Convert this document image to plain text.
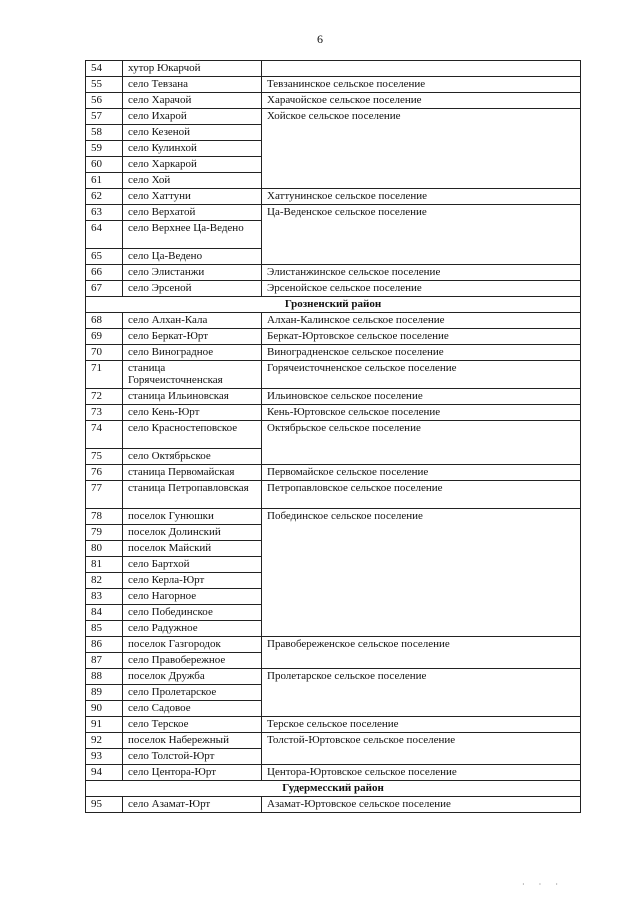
6
54	хутор Юкарчой	
55	село Тевзана	Тевзанинское сельское поселение
56	село Харачой	Харачойское сельское поселение
57	село Ихарой	Хойское сельское поселение
58	село Кезеной	
59	село Кулинхой	
60	село Харкарой	
61	село Хой	
62	село Хаттуни	Хаттунинское сельское поселение
63	село Верхатой	Ца-Веденское сельское поселение
64	село Верхнее Ца-Ведено	
65	село Ца-Ведено	
66	село Элистанжи	Элистанжинское сельское поселение
67	село Эрсеной	Эрсенойское сельское поселение
Грозненский район		
68	село Алхан-Кала	Алхан-Калинское сельское поселение
69	село Беркат-Юрт	Беркат-Юртовское сельское поселение
70	село Виноградное	Виноградненское сельское поселение
71	станица Горячеисточненская	Горячеисточненское сельское поселение
72	станица Ильиновская	Ильиновское сельское поселение
73	село Кень-Юрт	Кень-Юртовское сельское поселение
74	село Красностеповское	Октябрьское сельское поселение
75	село Октябрьское	
76	станица Первомайская	Первомайское сельское поселение
77	станица Петропавловская	Петропавловское сельское поселение
78	поселок Гунюшки	Побединское сельское поселение
79	поселок Долинский	
80	поселок Майский	
81	село Бартхой	
82	село Керла-Юрт	
83	село Нагорное	
84	село Побединское	
85	село Радужное	
86	поселок Газгородок	Правобереженское сельское поселение
87	село Правобережное	
88	поселок Дружба	Пролетарское сельское поселение
89	село Пролетарское	
90	село Садовое	
91	село Терское	Терское сельское поселение
92	поселок Набережный	Толстой-Юртовское сельское поселение
93	село Толстой-Юрт	
94	село Центора-Юрт	Центора-Юртовское сельское поселение
Гудермесский район		
95	село Азамат-Юрт	Азамат-Юртовское сельское поселение
· · ·
